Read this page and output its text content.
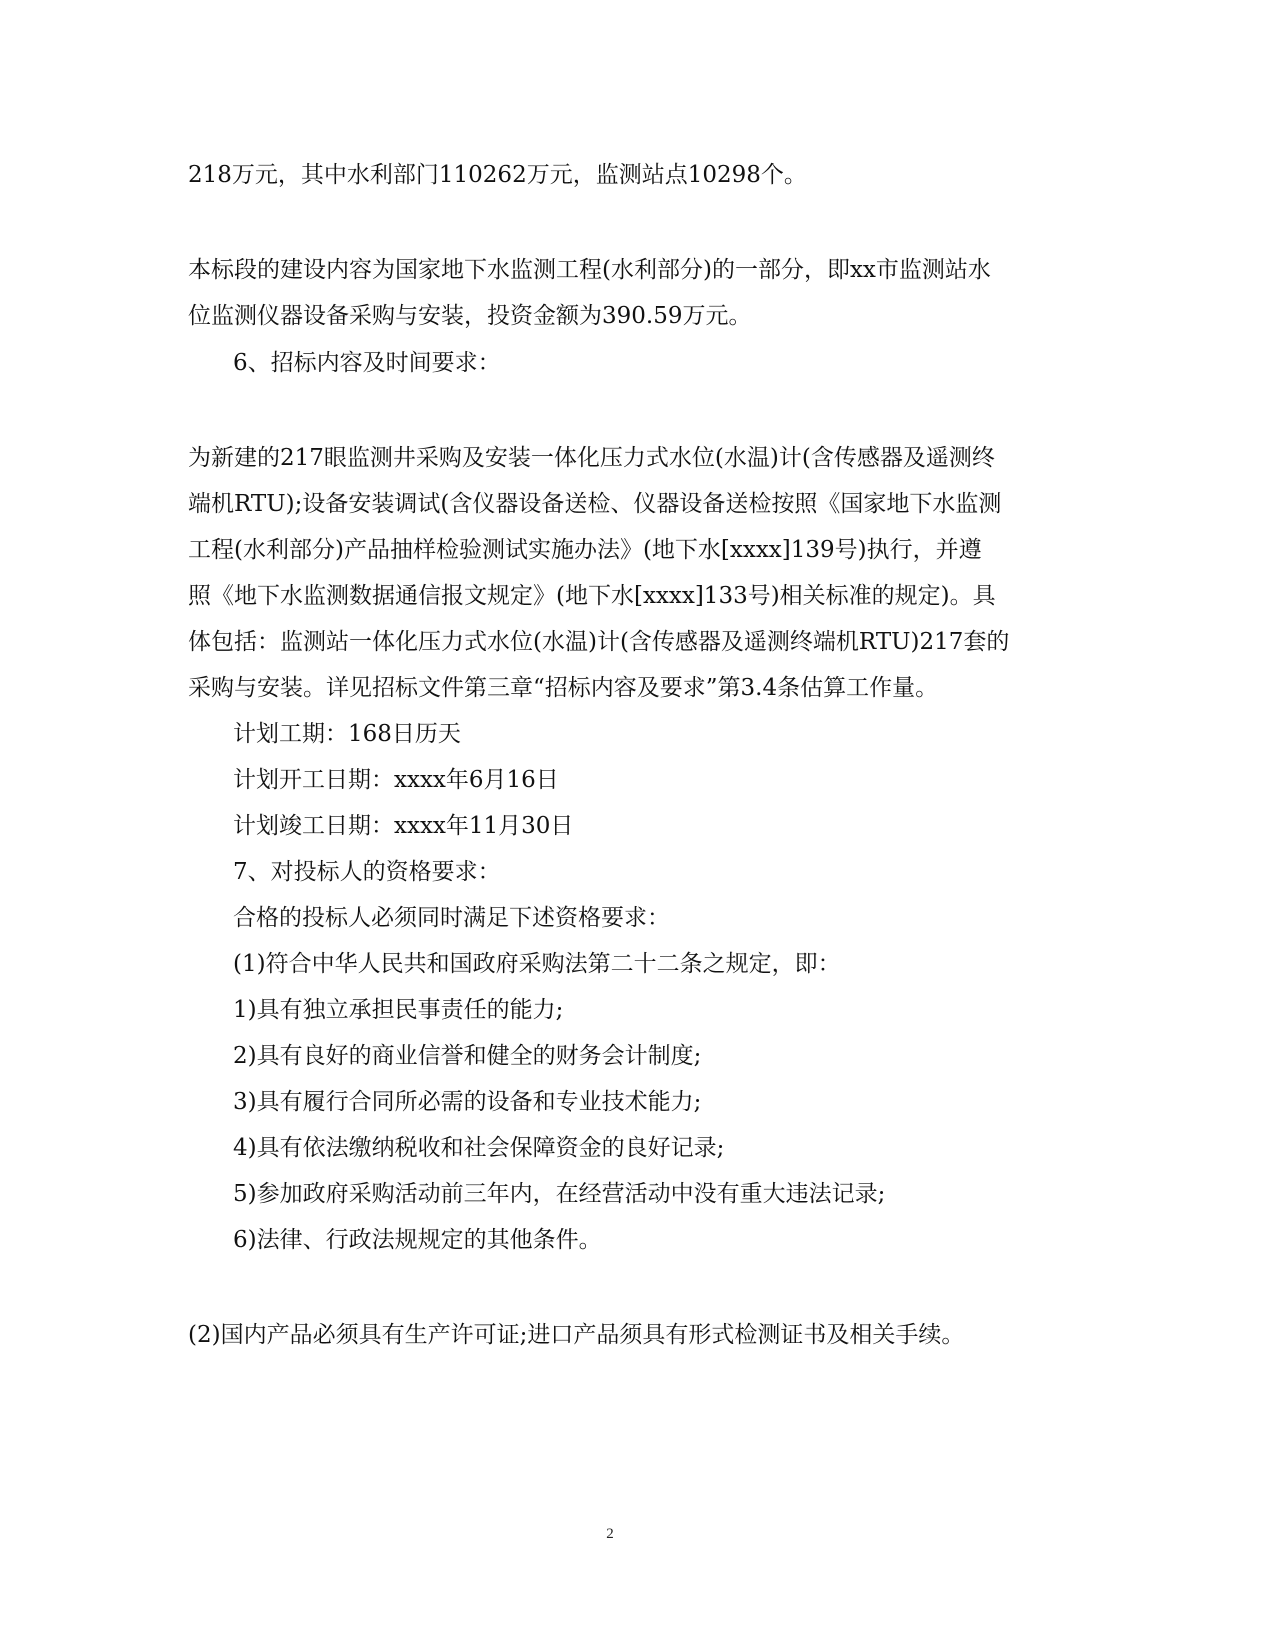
218万元，其中水利部门110262万元，监测站点10298个。
本标段的建设内容为国家地下水监测工程(水利部分)的一部分，即xx市监测站水
位监测仪器设备采购与安装，投资金额为390.59万元。
6、招标内容及时间要求：
为新建的217眼监测井采购及安装一体化压力式水位(水温)计(含传感器及遥测终
端机RTU);设备安装调试(含仪器设备送检、仪器设备送检按照《国家地下水监测
工程(水利部分)产品抽样检验测试实施办法》(地下水[xxxx]139号)执行，并遵
照《地下水监测数据通信报文规定》(地下水[xxxx]133号)相关标准的规定)。具
体包括：监测站一体化压力式水位(水温)计(含传感器及遥测终端机RTU)217套的
采购与安装。详见招标文件第三章“招标内容及要求”第3.4条估算工作量。
计划工期：168日历天
计划开工日期：xxxx年6月16日
计划竣工日期：xxxx年11月30日
7、对投标人的资格要求：
合格的投标人必须同时满足下述资格要求：
(1)符合中华人民共和国政府采购法第二十二条之规定，即：
1)具有独立承担民事责任的能力;
2)具有良好的商业信誉和健全的财务会计制度;
3)具有履行合同所必需的设备和专业技术能力;
4)具有依法缴纳税收和社会保障资金的良好记录;
5)参加政府采购活动前三年内，在经营活动中没有重大违法记录;
6)法律、行政法规规定的其他条件。
(2)国内产品必须具有生产许可证;进口产品须具有形式检测证书及相关手续。
2
